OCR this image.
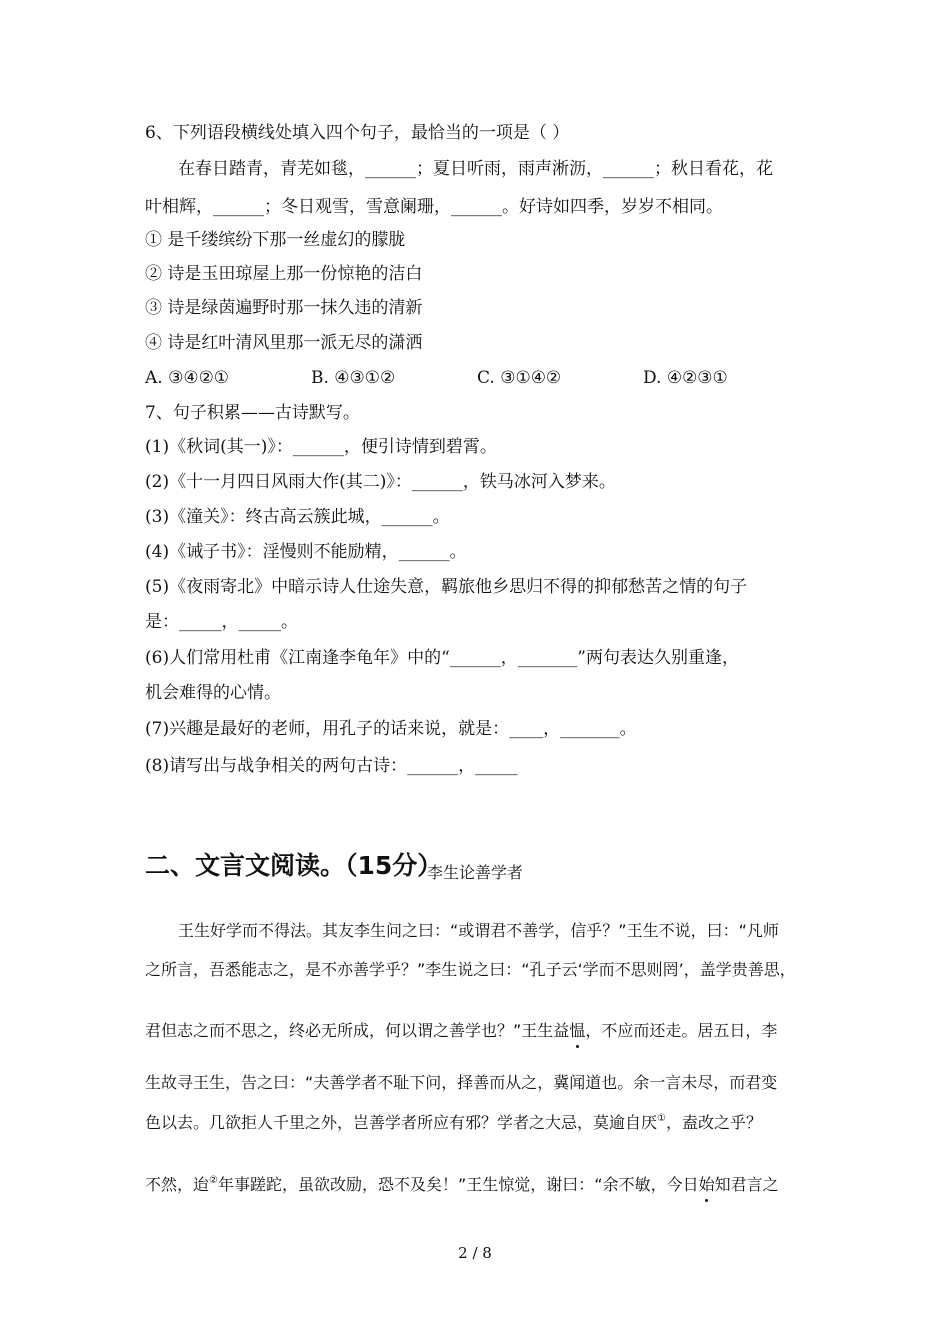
6、下列语段横线处填入四个句子，最恰当的一项是（ ）
在春日踏青，青芜如毯，______；夏日听雨，雨声淅沥，______；秋日看花，花
叶相辉，______；冬日观雪，雪意阑珊，______。好诗如四季，岁岁不相同。
① 是千缕缤纷下那一丝虚幻的朦胧
② 诗是玉田琼屋上那一份惊艳的洁白
③ 诗是绿茵遍野时那一抹久违的清新
④ 诗是红叶清风里那一派无尽的潇洒
A. ③④②①	B. ④③①②	C. ③①④②	D. ④②③①
7、句子积累——古诗默写。
(1)《秋词(其一)》：______，便引诗情到碧霄。
(2)《十一月四日风雨大作(其二)》：______，铁马冰河入梦来。
(3)《潼关》：终古高云簇此城，______。
(4)《诫子书》：淫慢则不能励精，______。
(5)《夜雨寄北》中暗示诗人仕途失意，羁旅他乡思归不得的抑郁愁苦之情的句子
是：_____，_____。
(6)人们常用杜甫《江南逢李龟年》中的“______，_______”两句表达久别重逢，
机会难得的心情。
(7)兴趣是最好的老师，用孔子的话来说，就是：____，_______。
(8)请写出与战争相关的两句古诗：______，_____
二、文言文阅读。（15分）
李生论善学者
王生好学而不得法。其友李生问之曰：“或谓君不善学，信乎？”王生不说，曰：“凡师
之所言，吾悉能志之，是不亦善学乎？”李生说之曰：“孔子云‘学而不思则罔’，盖学贵善思，
君但志之而不思之，终必无所成，何以谓之善学也？”王生益愠，不应而还走。居五日，李
生故寻王生，告之曰：“夫善学者不耻下问，择善而从之，冀闻道也。余一言未尽，而君变
色以去。几欲拒人千里之外，岂善学者所应有邪？学者之大忌，莫逾自厌①，盍改之乎？
不然，迨②年事蹉跎，虽欲改励，恐不及矣！”王生惊觉，谢曰：“余不敏，今日始知君言之
2 / 8
